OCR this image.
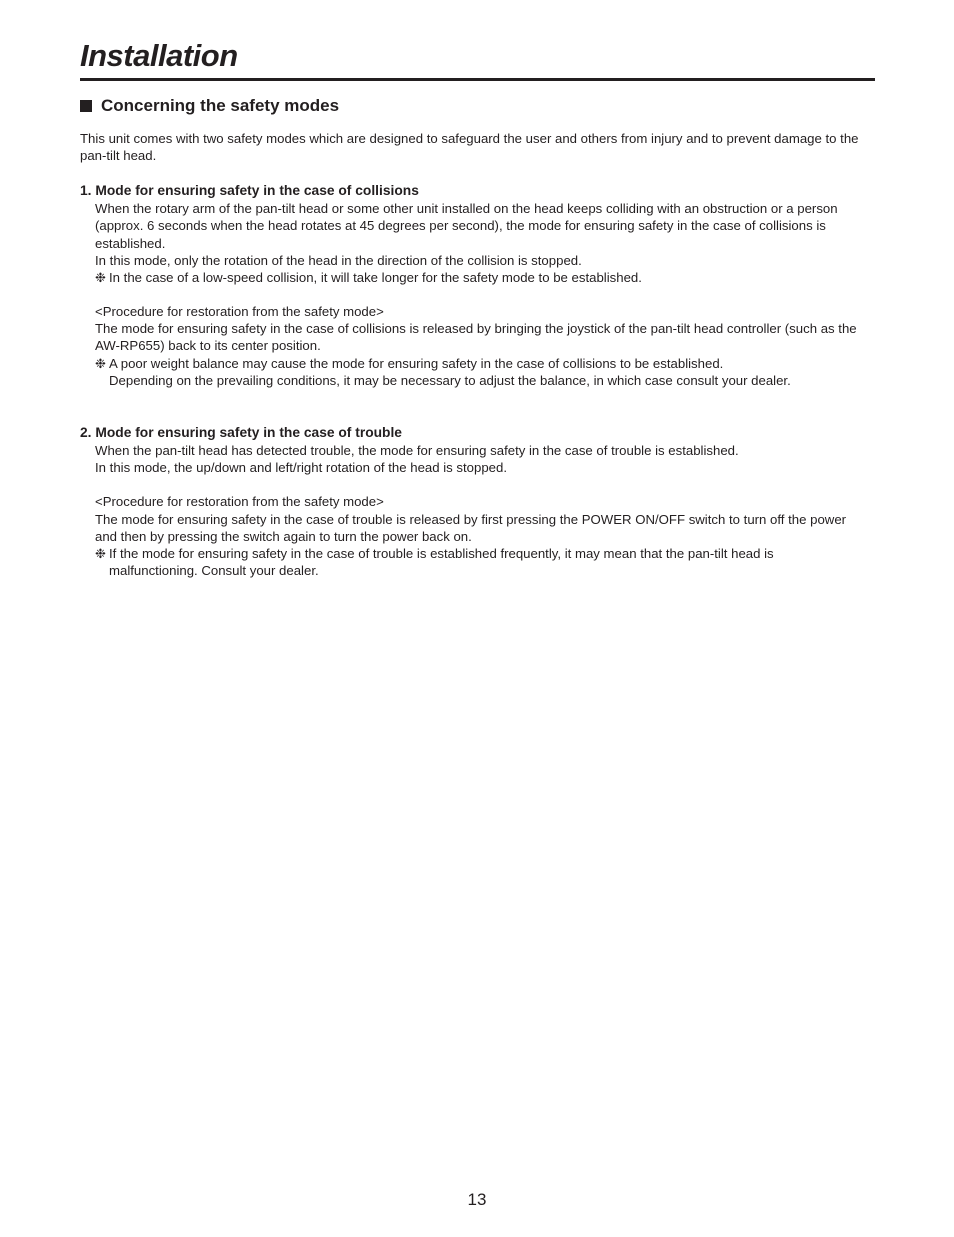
Installation
Concerning the safety modes

This unit comes with two safety modes which are designed to safeguard the user and others from injury and to prevent damage to the pan-tilt head.

1. Mode for ensuring safety in the case of collisions

When the rotary arm of the pan-tilt head or some other unit installed on the head keeps colliding with an obstruction or a person (approx. 6 seconds when the head rotates at 45 degrees per second), the mode for ensuring safety in the case of collisions is established.

In this mode, only the rotation of the head in the direction of the collision is stopped.

❉ In the case of a low-speed collision, it will take longer for the safety mode to be established.

<Procedure for restoration from the safety mode>

The mode for ensuring safety in the case of collisions is released by bringing the joystick of the pan-tilt head controller (such as the AW-RP655) back to its center position.

❉ A poor weight balance may cause the mode for ensuring safety in the case of collisions to be established.
Depending on the prevailing conditions, it may be necessary to adjust the balance, in which case consult your dealer.

2. Mode for ensuring safety in the case of trouble

When the pan-tilt head has detected trouble, the mode for ensuring safety in the case of trouble is established.

In this mode, the up/down and left/right rotation of the head is stopped.

<Procedure for restoration from the safety mode>

The mode for ensuring safety in the case of trouble is released by first pressing the POWER ON/OFF switch to turn off the power and then by pressing the switch again to turn the power back on.

❉ If the mode for ensuring safety in the case of trouble is established frequently, it may mean that the pan-tilt head is malfunctioning. Consult your dealer.
13
